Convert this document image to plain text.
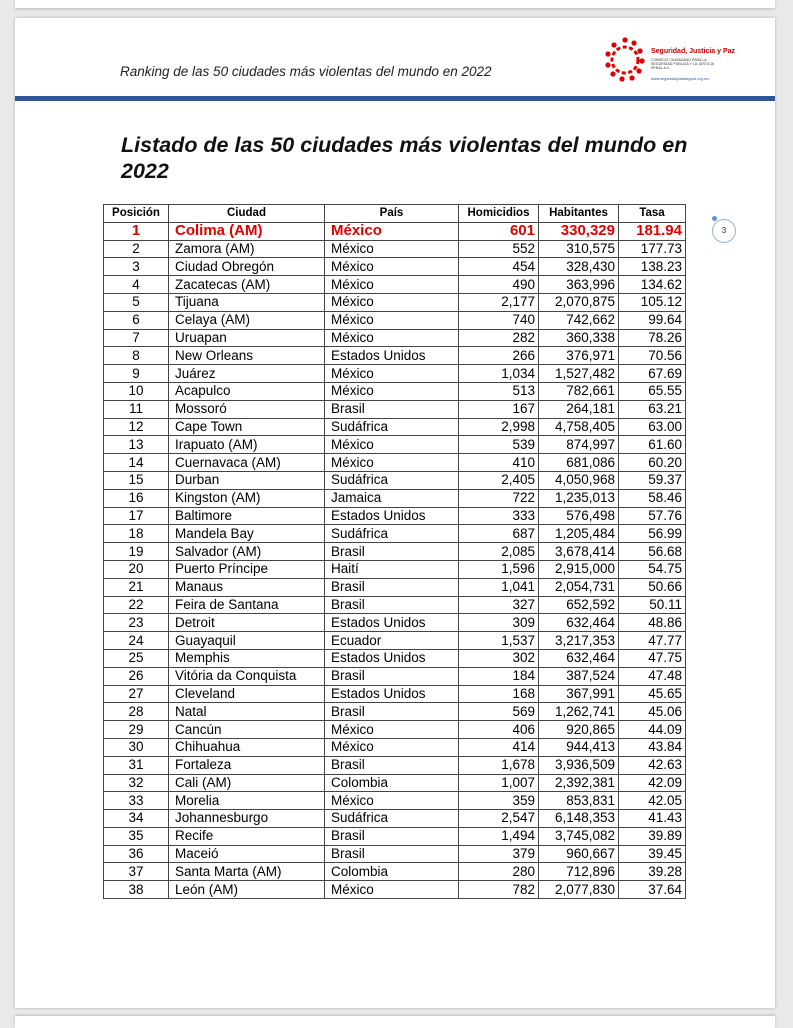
Ranking de las 50 ciudades más violentas del mundo en 2022
Seguridad, Justicia y Paz
CONSEJO CIUDADANO PARA LA SEGURIDAD PÚBLICA Y LA JUSTICIA PENAL A.C.
www.seguridadjusticiaypaz.org.mx
Listado de las 50 ciudades más violentas del mundo en 2022
Posición	Ciudad	País	Homicidios	Habitantes	Tasa
1	Colima (AM)	México	601	330,329	181.94
2	Zamora (AM)	México	552	310,575	177.73
3	Ciudad Obregón	México	454	328,430	138.23
4	Zacatecas (AM)	México	490	363,996	134.62
5	Tijuana	México	2,177	2,070,875	105.12
6	Celaya (AM)	México	740	742,662	99.64
7	Uruapan	México	282	360,338	78.26
8	New Orleans	Estados Unidos	266	376,971	70.56
9	Juárez	México	1,034	1,527,482	67.69
10	Acapulco	México	513	782,661	65.55
11	Mossoró	Brasil	167	264,181	63.21
12	Cape Town	Sudáfrica	2,998	4,758,405	63.00
13	Irapuato (AM)	México	539	874,997	61.60
14	Cuernavaca (AM)	México	410	681,086	60.20
15	Durban	Sudáfrica	2,405	4,050,968	59.37
16	Kingston (AM)	Jamaica	722	1,235,013	58.46
17	Baltimore	Estados Unidos	333	576,498	57.76
18	Mandela Bay	Sudáfrica	687	1,205,484	56.99
19	Salvador (AM)	Brasil	2,085	3,678,414	56.68
20	Puerto Príncipe	Haití	1,596	2,915,000	54.75
21	Manaus	Brasil	1,041	2,054,731	50.66
22	Feira de Santana	Brasil	327	652,592	50.11
23	Detroit	Estados Unidos	309	632,464	48.86
24	Guayaquil	Ecuador	1,537	3,217,353	47.77
25	Memphis	Estados Unidos	302	632,464	47.75
26	Vitória da Conquista	Brasil	184	387,524	47.48
27	Cleveland	Estados Unidos	168	367,991	45.65
28	Natal	Brasil	569	1,262,741	45.06
29	Cancún	México	406	920,865	44.09
30	Chihuahua	México	414	944,413	43.84
31	Fortaleza	Brasil	1,678	3,936,509	42.63
32	Cali (AM)	Colombia	1,007	2,392,381	42.09
33	Morelia	México	359	853,831	42.05
34	Johannesburgo	Sudáfrica	2,547	6,148,353	41.43
35	Recife	Brasil	1,494	3,745,082	39.89
36	Maceió	Brasil	379	960,667	39.45
37	Santa Marta (AM)	Colombia	280	712,896	39.28
38	León (AM)	México	782	2,077,830	37.64
3
